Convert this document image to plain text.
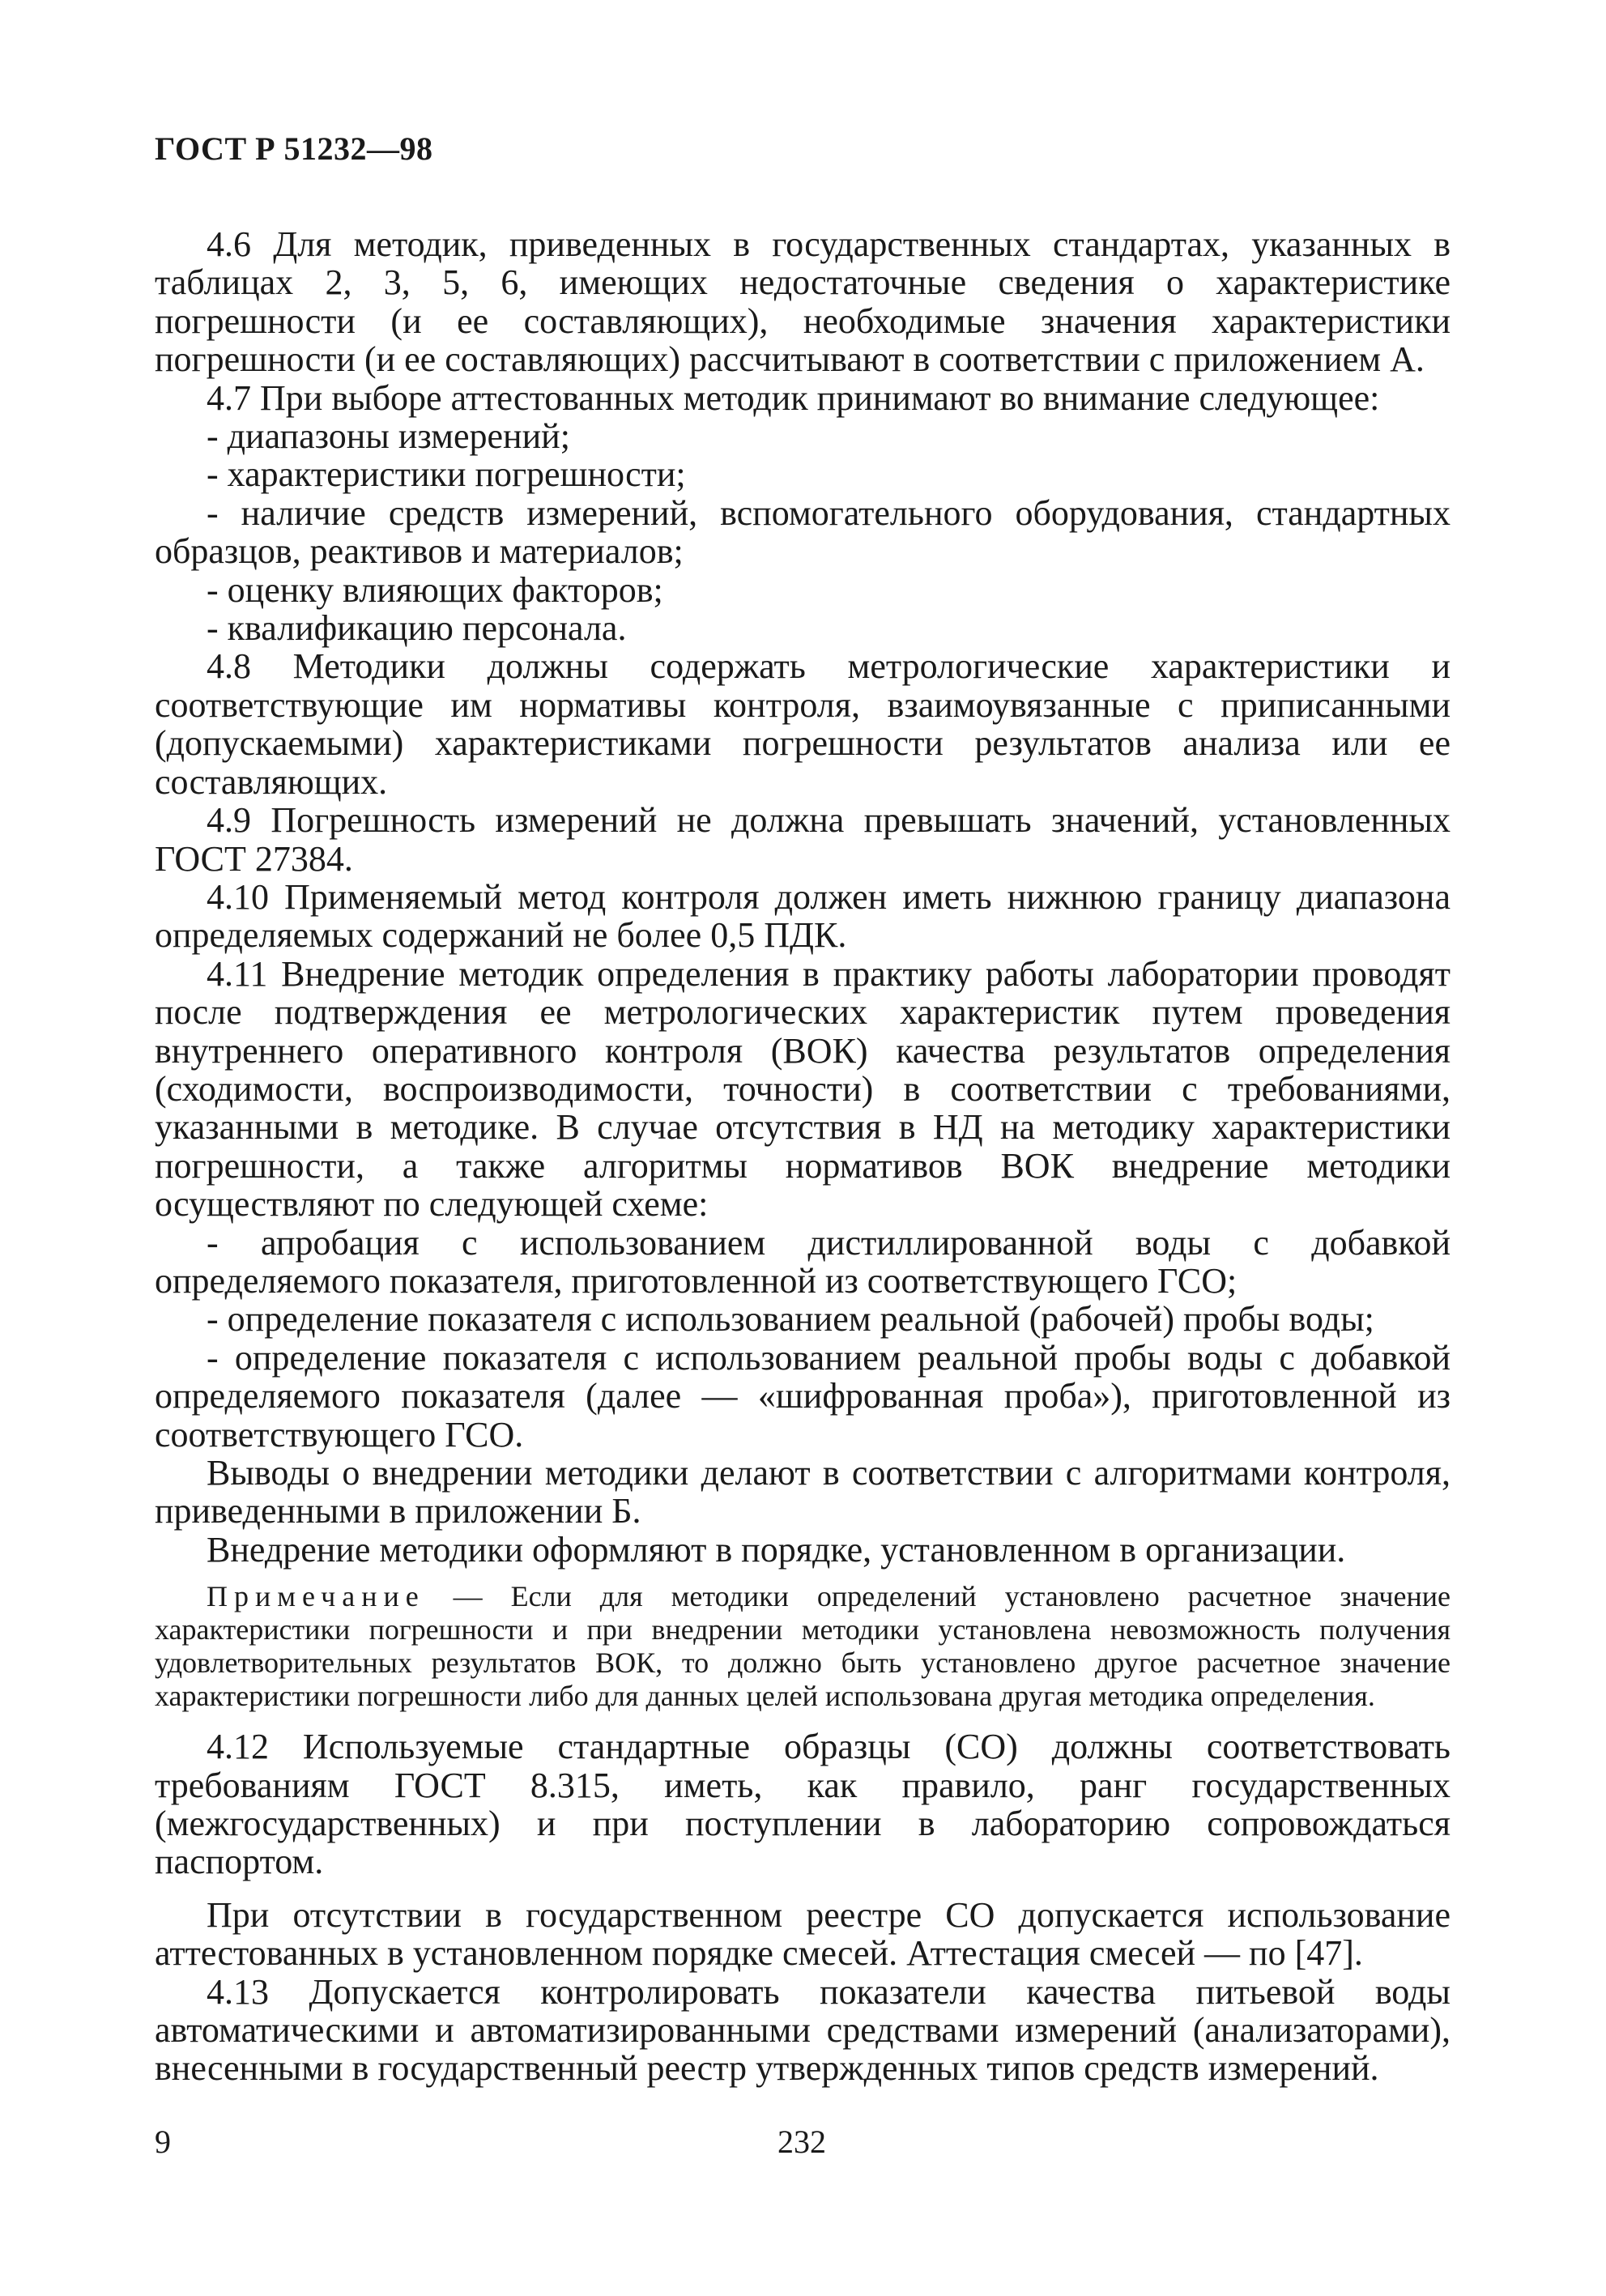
ГОСТ Р 51232—98

4.6 Для методик, приведенных в государственных стандартах, указанных в таблицах 2, 3, 5, 6, имеющих недостаточные сведения о характеристике погрешности (и ее составляющих), необходимые значения характеристики погрешности (и ее составляющих) рассчитывают в соответствии с приложением А.

4.7 При выборе аттестованных методик принимают во внимание следующее:

- диапазоны измерений;

- характеристики погрешности;

- наличие средств измерений, вспомогательного оборудования, стандартных образцов, реактивов и материалов;

- оценку влияющих факторов;

- квалификацию персонала.

4.8 Методики должны содержать метрологические характеристики и соответствующие им нормативы контроля, взаимоувязанные с приписанными (допускаемыми) характеристиками погрешности результатов анализа или ее составляющих.

4.9 Погрешность измерений не должна превышать значений, установленных ГОСТ 27384.

4.10 Применяемый метод контроля должен иметь нижнюю границу диапазона определяемых содержаний не более 0,5 ПДК.

4.11 Внедрение методик определения в практику работы лаборатории проводят после подтверждения ее метрологических характеристик путем проведения внутреннего оперативного контроля (ВОК) качества результатов определения (сходимости, воспроизводимости, точности) в соответствии с требованиями, указанными в методике. В случае отсутствия в НД на методику характеристики погрешности, а также алгоритмы нормативов ВОК внедрение методики осуществляют по следующей схеме:

- апробация с использованием дистиллированной воды с добавкой определяемого показателя, приготовленной из соответствующего ГСО;

- определение показателя с использованием реальной (рабочей) пробы воды;

- определение показателя с использованием реальной пробы воды с добавкой определяемого показателя (далее — «шифрованная проба»), приготовленной из соответствующего ГСО.

Выводы о внедрении методики делают в соответствии с алгоритмами контроля, приведенными в приложении Б.

Внедрение методики оформляют в порядке, установленном в организации.

Примечание — Если для методики определений установлено расчетное значение характеристики погрешности и при внедрении методики установлена невозможность получения удовлетворительных результатов ВОК, то должно быть установлено другое расчетное значение характеристики погрешности либо для данных целей использована другая методика определения.

4.12 Используемые стандартные образцы (СО) должны соответствовать требованиям ГОСТ 8.315, иметь, как правило, ранг государственных (межгосударственных) и при поступлении в лабораторию сопровождаться паспортом.

При отсутствии в государственном реестре СО допускается использование аттестованных в установленном порядке смесей. Аттестация смесей — по [47].

4.13 Допускается контролировать показатели качества питьевой воды автоматическими и автоматизированными средствами измерений (анализаторами), внесенными в государственный реестр утвержденных типов средств измерений.

9	232
